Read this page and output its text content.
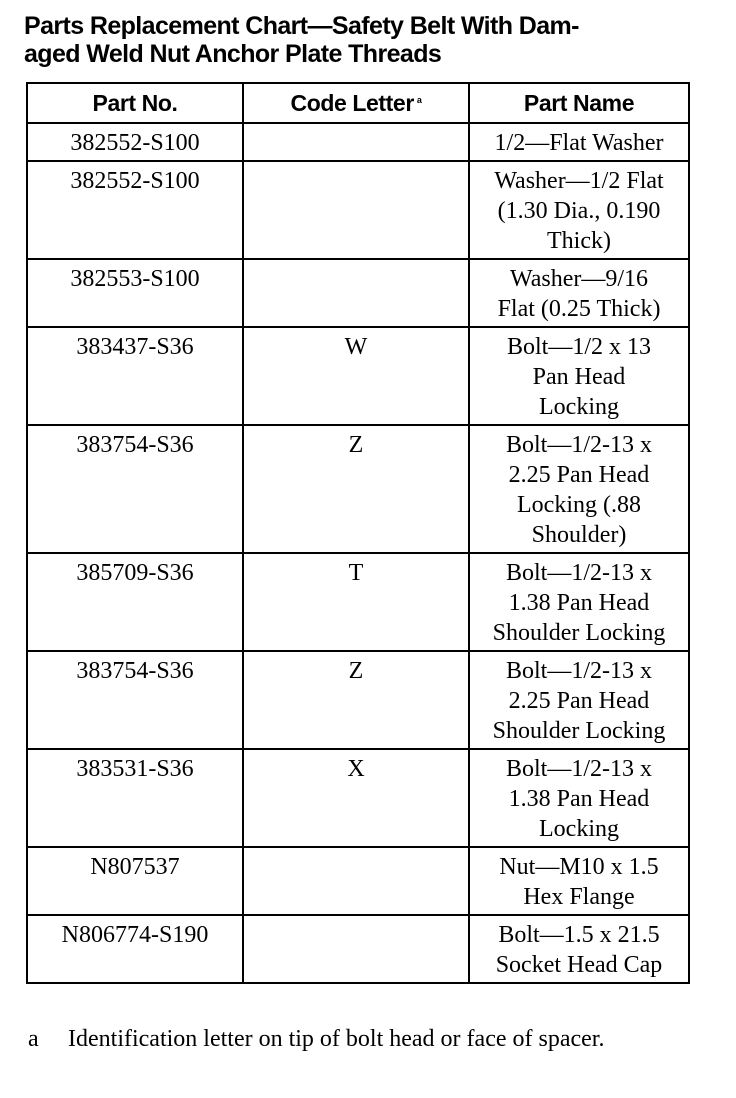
Parts Replacement Chart—Safety Belt With Dam-
aged Weld Nut Anchor Plate Threads
Part No.	Code Letter $^a$	Part Name
382552-S100		1/2—Flat Washer

382552-S100		Washer—1/2 Flat
(1.30 Dia., 0.190
Thick)

382553-S100		Washer—9/16
Flat (0.25 Thick)

383437-S36	W	Bolt—1/2 x 13
Pan Head
Locking

383754-S36	Z	Bolt—1/2-13 x
2.25 Pan Head
Locking (.88
Shoulder)

385709-S36	T	Bolt—1/2-13 x
1.38 Pan Head
Shoulder Locking

383754-S36	Z	Bolt—1/2-13 x
2.25 Pan Head
Shoulder Locking

383531-S36	X	Bolt—1/2-13 x
1.38 Pan Head
Locking

N807537		Nut—M10 x 1.5
Hex Flange

N806774-S190		Bolt—1.5 x 21.5
Socket Head Cap
a Identification letter on tip of bolt head or face of spacer.
